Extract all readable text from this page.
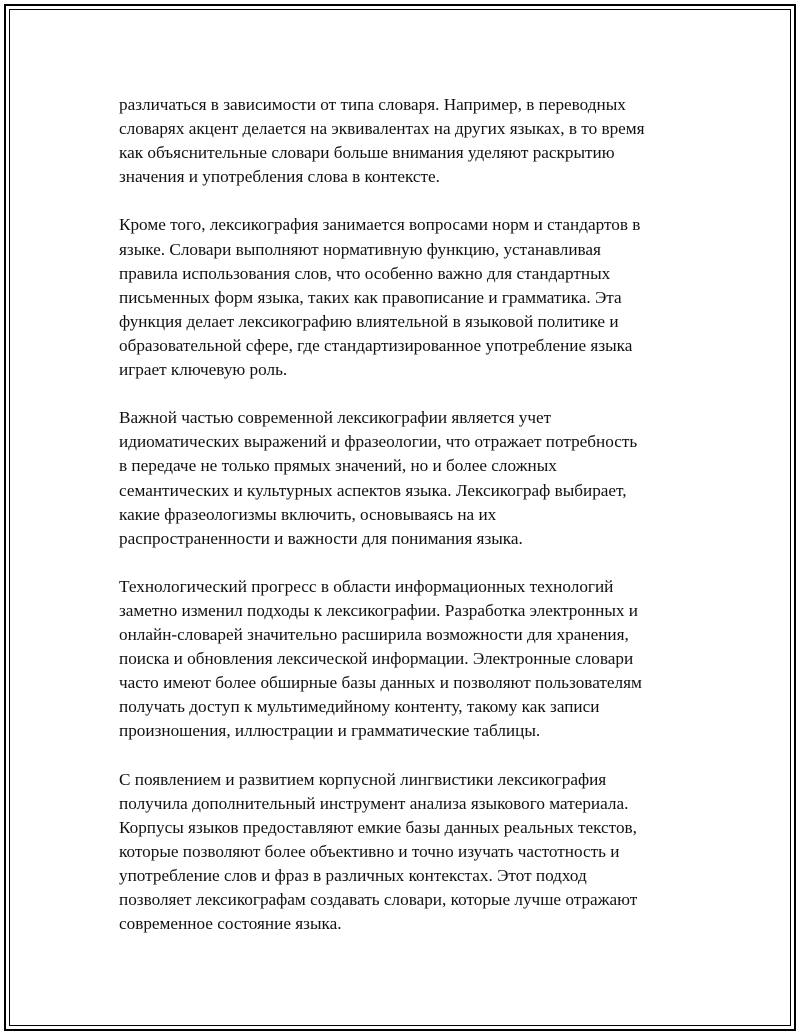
различаться в зависимости от типа словаря. Например, в переводных
словарях акцент делается на эквивалентах на других языках, в то время
как объяснительные словари больше внимания уделяют раскрытию
значения и употребления слова в контексте.

Кроме того, лексикография занимается вопросами норм и стандартов в
языке. Словари выполняют нормативную функцию, устанавливая
правила использования слов, что особенно важно для стандартных
письменных форм языка, таких как правописание и грамматика. Эта
функция делает лексикографию влиятельной в языковой политике и
образовательной сфере, где стандартизированное употребление языка
играет ключевую роль.

Важной частью современной лексикографии является учет
идиоматических выражений и фразеологии, что отражает потребность
в передаче не только прямых значений, но и более сложных
семантических и культурных аспектов языка. Лексикограф выбирает,
какие фразеологизмы включить, основываясь на их
распространенности и важности для понимания языка.

Технологический прогресс в области информационных технологий
заметно изменил подходы к лексикографии. Разработка электронных и
онлайн-словарей значительно расширила возможности для хранения,
поиска и обновления лексической информации. Электронные словари
часто имеют более обширные базы данных и позволяют пользователям
получать доступ к мультимедийному контенту, такому как записи
произношения, иллюстрации и грамматические таблицы.

С появлением и развитием корпусной лингвистики лексикография
получила дополнительный инструмент анализа языкового материала.
Корпусы языков предоставляют емкие базы данных реальных текстов,
которые позволяют более объективно и точно изучать частотность и
употребление слов и фраз в различных контекстах. Этот подход
позволяет лексикографам создавать словари, которые лучше отражают
современное состояние языка.
